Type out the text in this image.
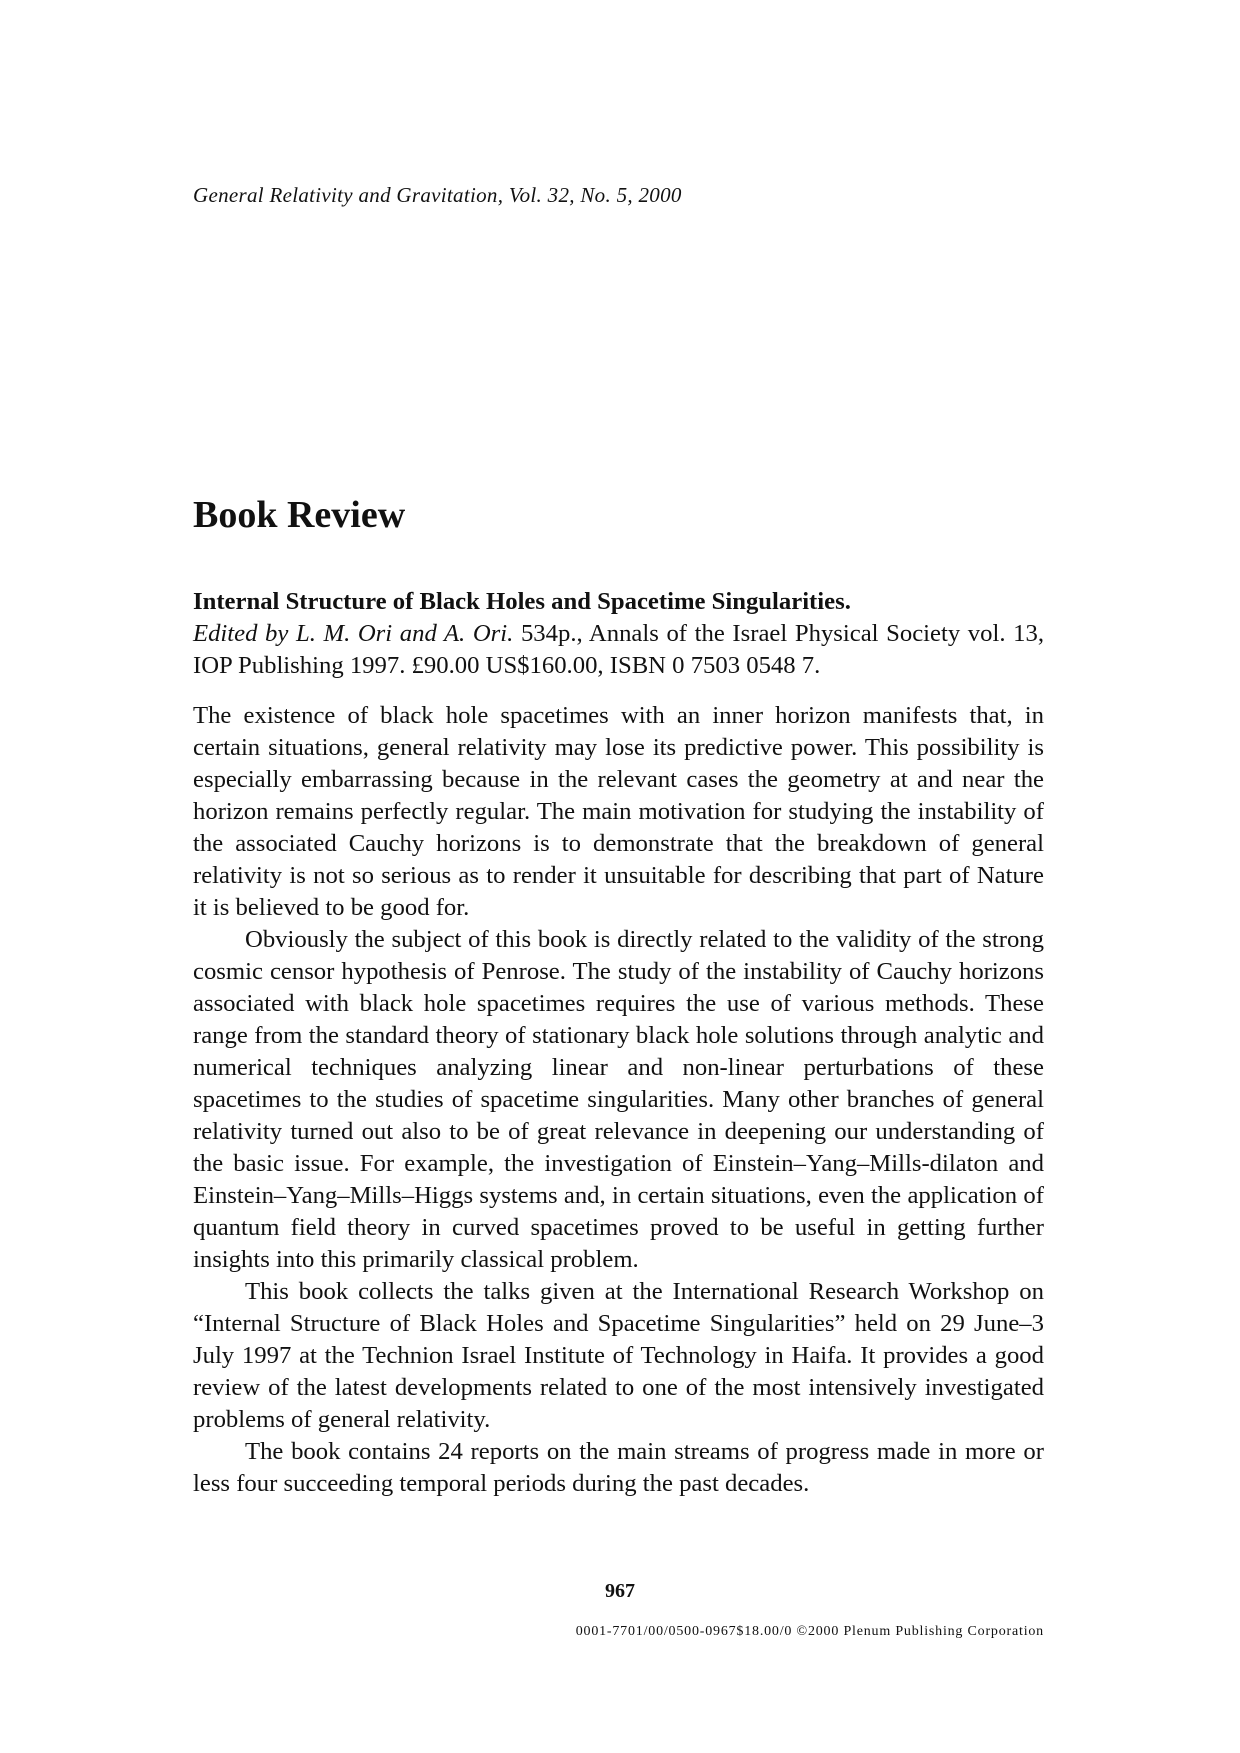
General Relativity and Gravitation, Vol. 32, No. 5, 2000
Book Review

Internal Structure of Black Holes and Spacetime Singularities.
Edited by L. M. Ori and A. Ori. 534p., Annals of the Israel Physical Society vol. 13, IOP Publishing 1997. £90.00 US$160.00, ISBN 0 7503 0548 7.

The existence of black hole spacetimes with an inner horizon manifests that, in certain situations, general relativity may lose its predictive power. This possibility is especially embarrassing because in the relevant cases the geometry at and near the horizon remains perfectly regular. The main motivation for studying the instability of the associated Cauchy horizons is to demonstrate that the breakdown of general relativity is not so serious as to render it unsuitable for describing that part of Nature it is believed to be good for.

Obviously the subject of this book is directly related to the validity of the strong cosmic censor hypothesis of Penrose. The study of the instability of Cauchy horizons associated with black hole spacetimes requires the use of various methods. These range from the standard theory of stationary black hole solutions through analytic and numerical techniques analyzing linear and non-linear perturbations of these spacetimes to the studies of spacetime singularities. Many other branches of general relativity turned out also to be of great relevance in deepening our understanding of the basic issue. For example, the investigation of Einstein–Yang–Mills-dilaton and Einstein–Yang–Mills–Higgs systems and, in certain situations, even the application of quantum field theory in curved spacetimes proved to be useful in getting further insights into this primarily classical problem.

This book collects the talks given at the International Research Workshop on “Internal Structure of Black Holes and Spacetime Singularities” held on 29 June–3 July 1997 at the Technion Israel Institute of Technology in Haifa. It provides a good review of the latest developments related to one of the most intensively investigated problems of general relativity.

The book contains 24 reports on the main streams of progress made in more or less four succeeding temporal periods during the past decades.

967
0001-7701/00/0500-0967$18.00/0 ©2000 Plenum Publishing Corporation
